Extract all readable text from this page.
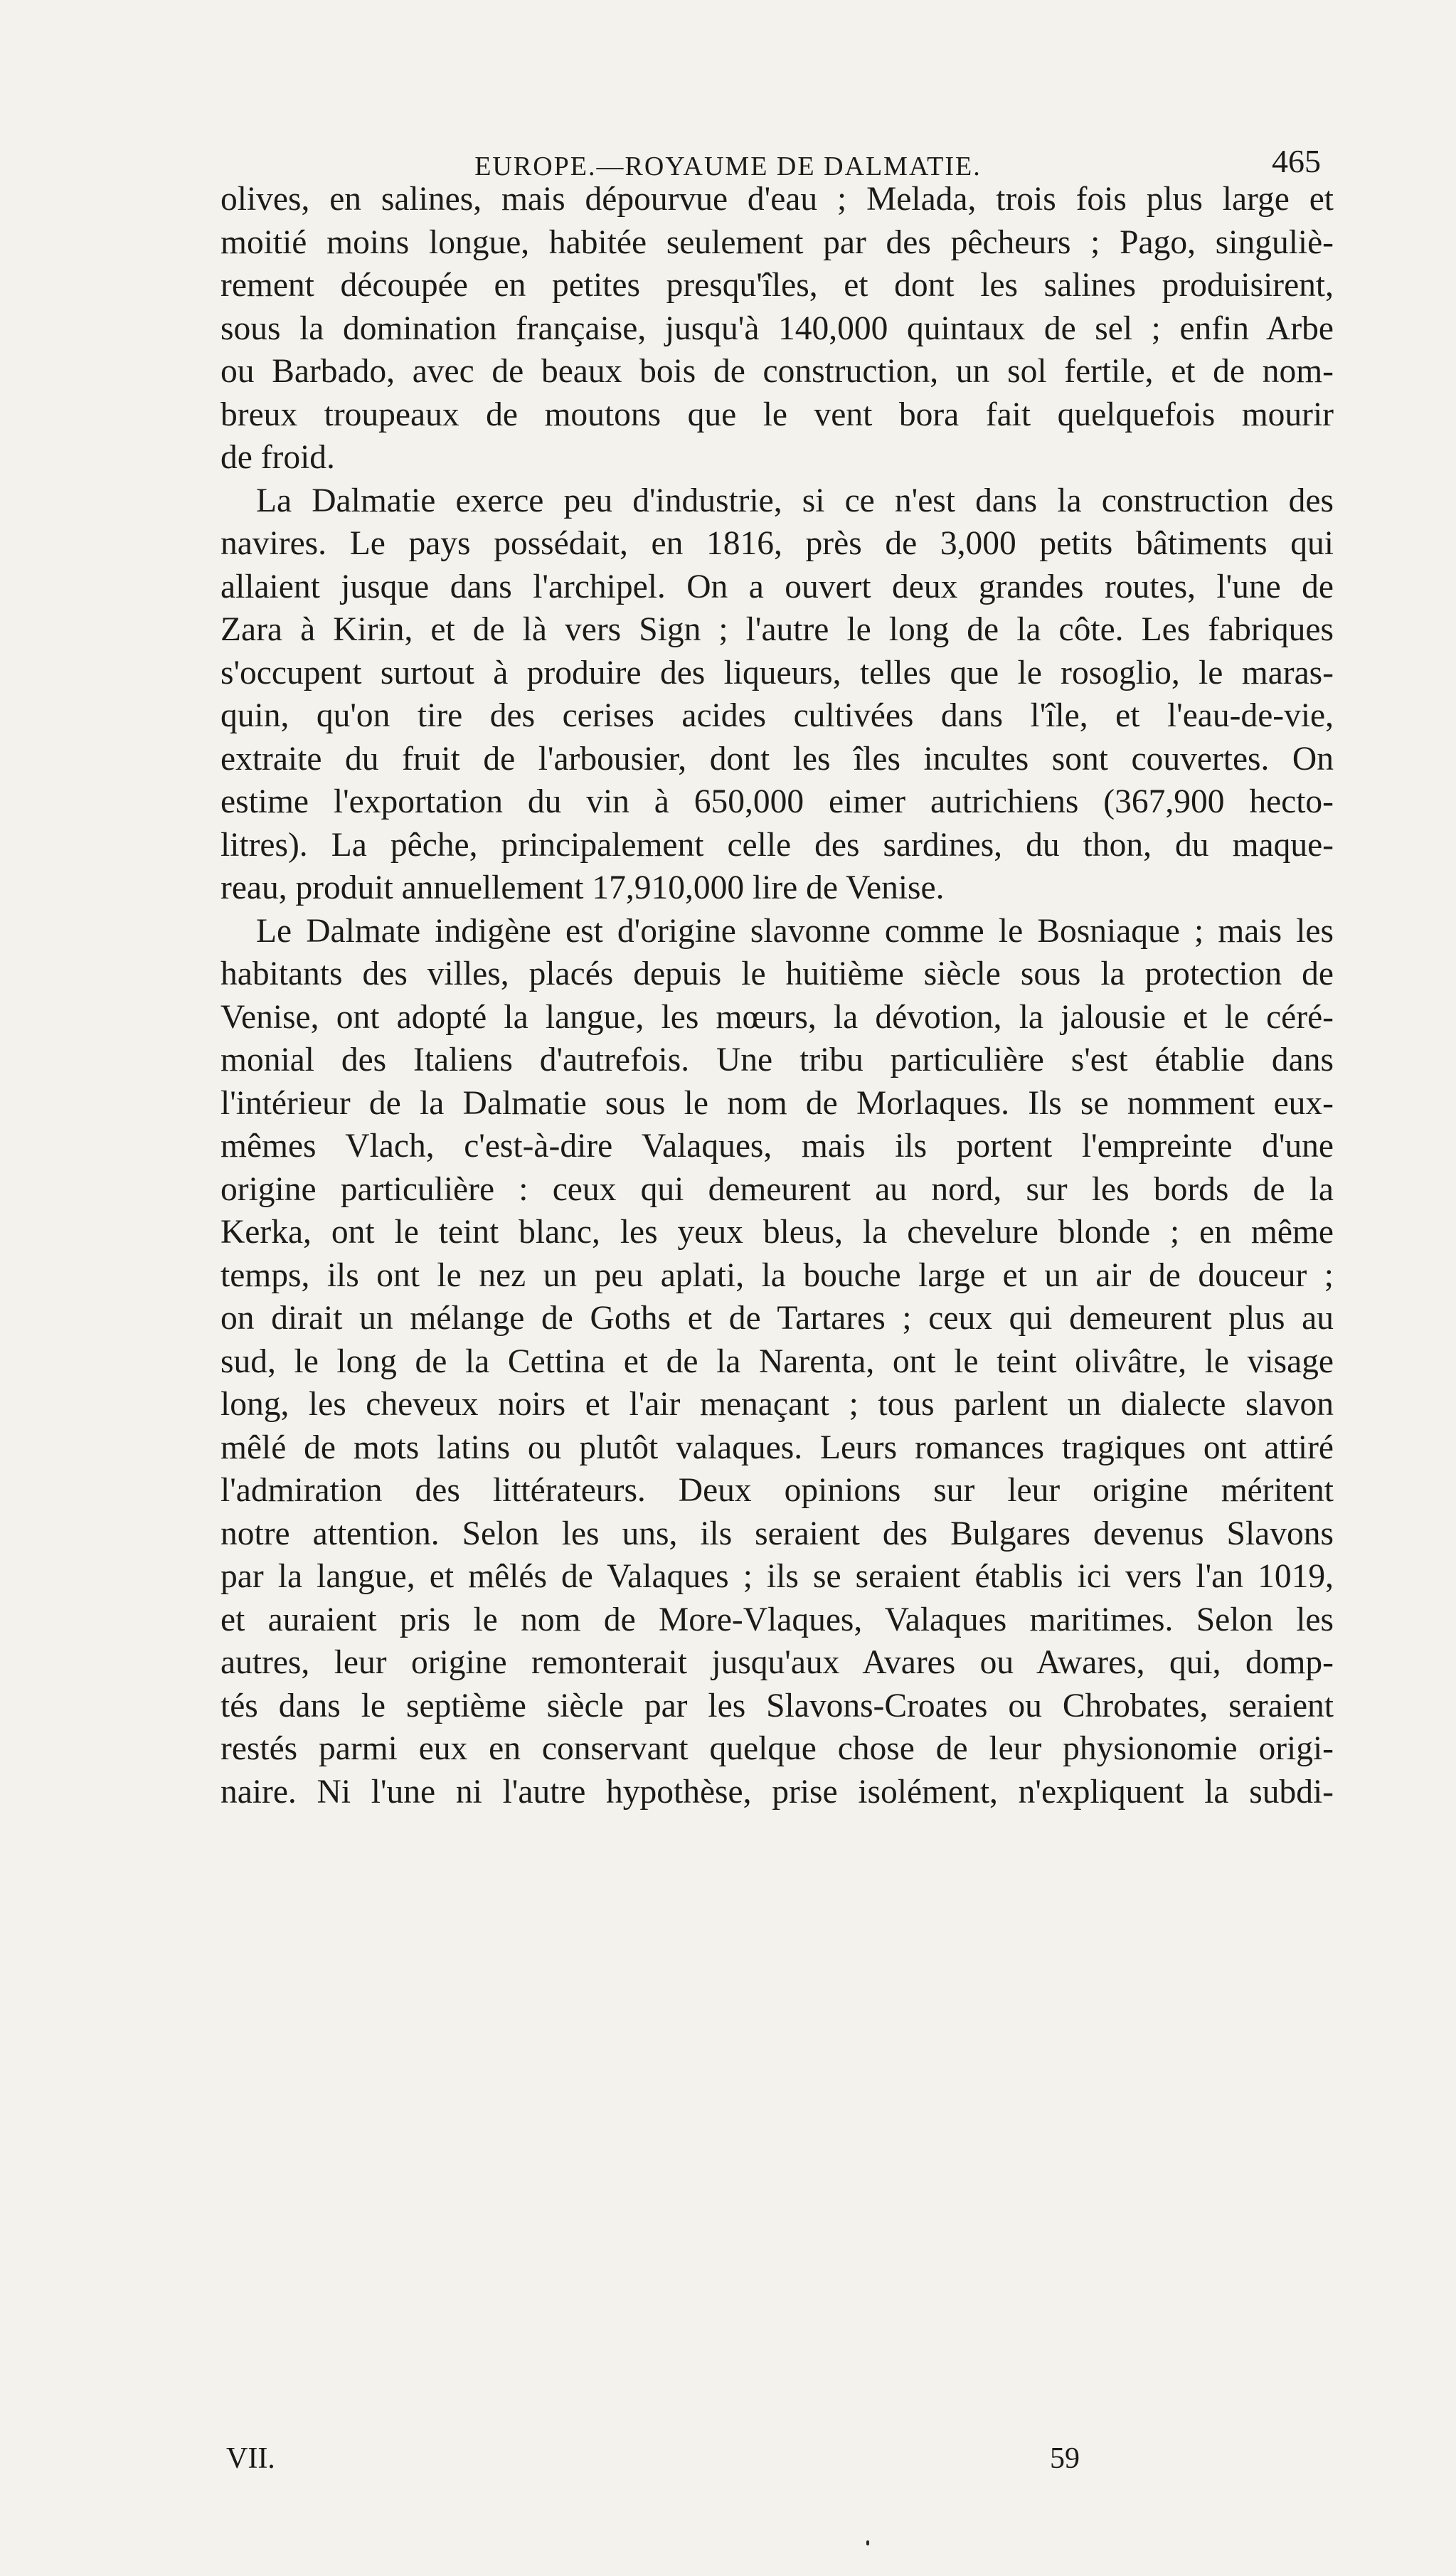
EUROPE.—ROYAUME DE DALMATIE.	465
olives, en salines, mais dépourvue d'eau ; Melada, trois fois plus large et
moitié moins longue, habitée seulement par des pêcheurs ; Pago, singuliè-
rement découpée en petites presqu'îles, et dont les salines produisirent,
sous la domination française, jusqu'à 140,000 quintaux de sel ; enfin Arbe
ou Barbado, avec de beaux bois de construction, un sol fertile, et de nom-
breux troupeaux de moutons que le vent bora fait quelquefois mourir
de froid.
La Dalmatie exerce peu d'industrie, si ce n'est dans la construction des
navires. Le pays possédait, en 1816, près de 3,000 petits bâtiments qui
allaient jusque dans l'archipel. On a ouvert deux grandes routes, l'une de
Zara à Kirin, et de là vers Sign ; l'autre le long de la côte. Les fabriques
s'occupent surtout à produire des liqueurs, telles que le rosoglio, le maras-
quin, qu'on tire des cerises acides cultivées dans l'île, et l'eau-de-vie,
extraite du fruit de l'arbousier, dont les îles incultes sont couvertes. On
estime l'exportation du vin à 650,000 eimer autrichiens (367,900 hecto-
litres). La pêche, principalement celle des sardines, du thon, du maque-
reau, produit annuellement 17,910,000 lire de Venise.
Le Dalmate indigène est d'origine slavonne comme le Bosniaque ; mais les
habitants des villes, placés depuis le huitième siècle sous la protection de
Venise, ont adopté la langue, les mœurs, la dévotion, la jalousie et le céré-
monial des Italiens d'autrefois. Une tribu particulière s'est établie dans
l'intérieur de la Dalmatie sous le nom de Morlaques. Ils se nomment eux-
mêmes Vlach, c'est-à-dire Valaques, mais ils portent l'empreinte d'une
origine particulière : ceux qui demeurent au nord, sur les bords de la
Kerka, ont le teint blanc, les yeux bleus, la chevelure blonde ; en même
temps, ils ont le nez un peu aplati, la bouche large et un air de douceur ;
on dirait un mélange de Goths et de Tartares ; ceux qui demeurent plus au
sud, le long de la Cettina et de la Narenta, ont le teint olivâtre, le visage
long, les cheveux noirs et l'air menaçant ; tous parlent un dialecte slavon
mêlé de mots latins ou plutôt valaques. Leurs romances tragiques ont attiré
l'admiration des littérateurs. Deux opinions sur leur origine méritent
notre attention. Selon les uns, ils seraient des Bulgares devenus Slavons
par la langue, et mêlés de Valaques ; ils se seraient établis ici vers l'an 1019,
et auraient pris le nom de More-Vlaques, Valaques maritimes. Selon les
autres, leur origine remonterait jusqu'aux Avares ou Awares, qui, domp-
tés dans le septième siècle par les Slavons-Croates ou Chrobates, seraient
restés parmi eux en conservant quelque chose de leur physionomie origi-
naire. Ni l'une ni l'autre hypothèse, prise isolément, n'expliquent la subdi-
VII.	59
